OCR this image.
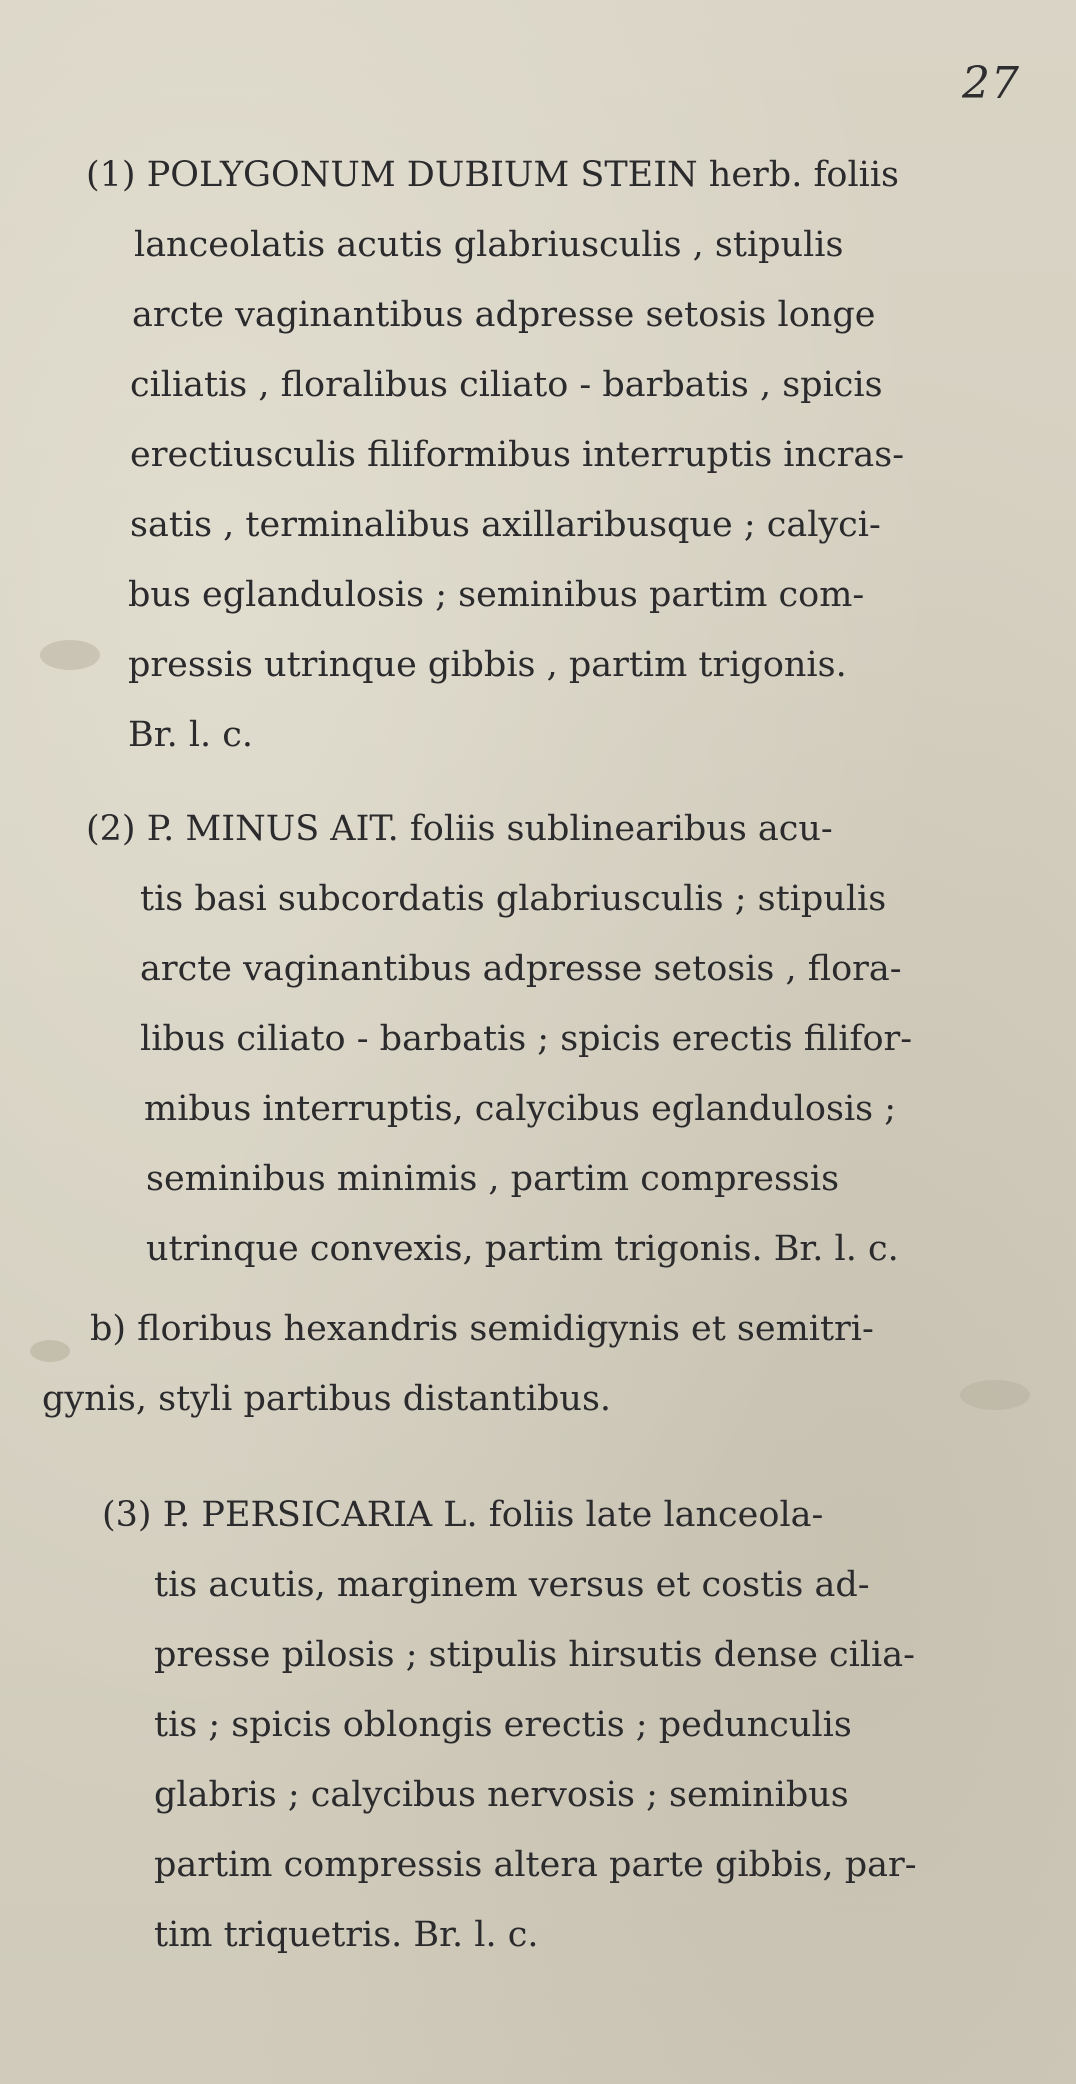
27
(1) POLYGONUM DUBIUM STEIN herb. foliis
lanceolatis acutis glabriusculis , stipulis
arcte vaginantibus adpresse setosis longe
ciliatis , floralibus ciliato - barbatis , spicis
erectiusculis filiformibus interruptis incras-
satis , terminalibus axillaribusque ; calyci-
bus eglandulosis ; seminibus partim com-
pressis utrinque gibbis , partim trigonis.
Br. l. c.
(2) P. MINUS AIT. foliis sublinearibus acu-
tis basi subcordatis glabriusculis ; stipulis
arcte vaginantibus adpresse setosis , flora-
libus ciliato - barbatis ; spicis erectis filifor-
mibus interruptis, calycibus eglandulosis ;
seminibus minimis , partim compressis
utrinque convexis, partim trigonis. Br. l. c.
b) floribus hexandris semidigynis et semitri-
gynis, styli partibus distantibus.
(3) P. PERSICARIA L. foliis late lanceola-
tis acutis, marginem versus et costis ad-
presse pilosis ; stipulis hirsutis dense cilia-
tis ; spicis oblongis erectis ; pedunculis
glabris ; calycibus nervosis ; seminibus
partim compressis altera parte gibbis, par-
tim triquetris. Br. l. c.
